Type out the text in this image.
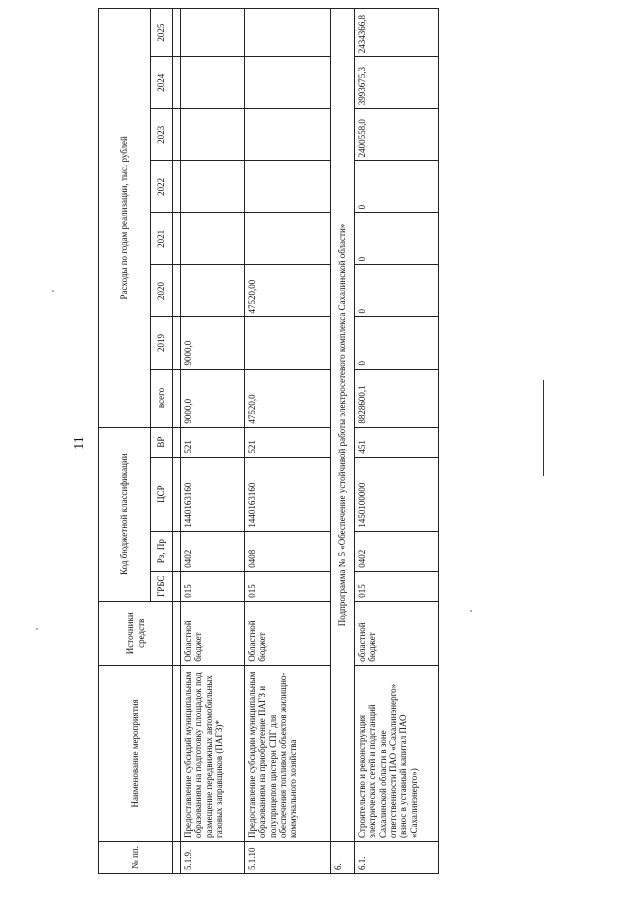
11
№ пп.	Наименование мероприятия	Источники средств	Код бюджетной классификации				Расходы по годам реализации, тыс. рублей							
			ГРБС	Рз, Пр	ЦСР	ВР	всего	2019	2020	2021	2022	2023	2024	2025

5.1.9.	Предоставление субсидий муниципальным образованиям на подготовку площадок под размещение передвижных автомобильных газовых заправщиков (ПАГЗ)*	Областной бюджет	015	0402	1440163160	521	9000,0	9000,0						
5.1.10	Предоставление субсидии муниципальным образованиям на приобретение ПАГЗ и полуприцепов цистерн СПГ для обеспечения топливом объектов жилищно-коммунального хозяйства	Областной бюджет	015	0408	1440163160	521	47520,0		47520,00					
6.	Подпрограмма № 5 «Обеспечение устойчивой работы электросетевого комплекса Сахалинской области»													
6.1.	Строительство и реконструкция электрических сетей и подстанций Сахалинской области в зоне ответственности ПАО «Сахалинэнерго» (взнос в уставный капитал ПАО «Сахалинэнерго»)	областной бюджет	015	0402	1450100000	451	8828600,1	0	0	0	0	2400558,0	3993675,3	2434366,8
